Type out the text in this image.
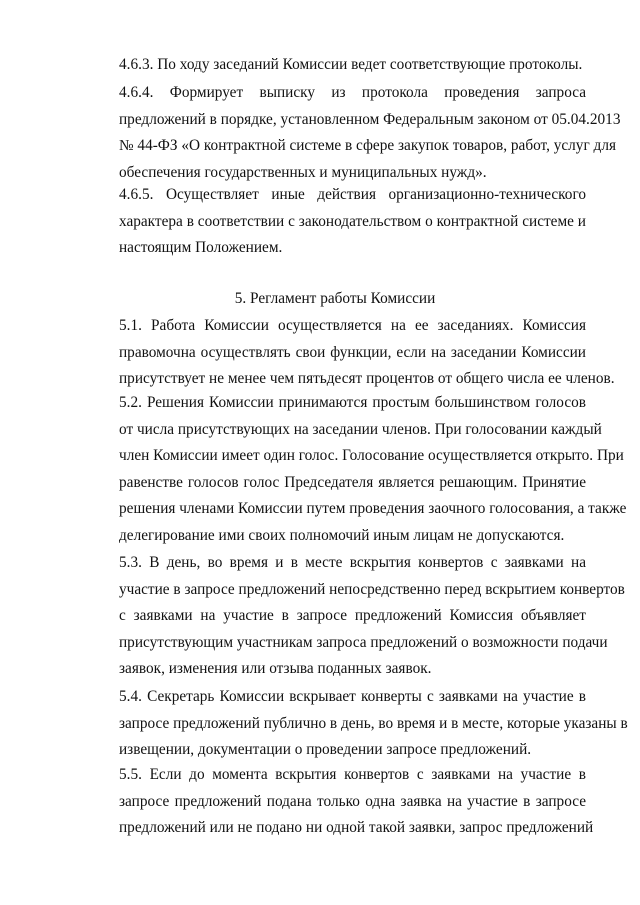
4.6.3. По ходу заседаний Комиссии ведет соответствующие протоколы.
4.6.4. Формирует выписку из протокола проведения запроса
предложений в порядке, установленном Федеральным законом от 05.04.2013
№ 44-ФЗ «О контрактной системе в сфере закупок товаров, работ, услуг для
обеспечения государственных и муниципальных нужд».
4.6.5. Осуществляет иные действия организационно-технического
характера в соответствии с законодательством о контрактной системе и
настоящим Положением.

5. Регламент работы Комиссии

5.1. Работа Комиссии осуществляется на ее заседаниях. Комиссия
правомочна осуществлять свои функции, если на заседании Комиссии
присутствует не менее чем пятьдесят процентов от общего числа ее членов.
5.2. Решения Комиссии принимаются простым большинством голосов
от числа присутствующих на заседании членов. При голосовании каждый
член Комиссии имеет один голос. Голосование осуществляется открыто. При
равенстве голосов голос Председателя является решающим. Принятие
решения членами Комиссии путем проведения заочного голосования, а также
делегирование ими своих полномочий иным лицам не допускаются.
5.3. В день, во время и в месте вскрытия конвертов с заявками на
участие в запросе предложений непосредственно перед вскрытием конвертов
с заявками на участие в запросе предложений Комиссия объявляет
присутствующим участникам запроса предложений о возможности подачи
заявок, изменения или отзыва поданных заявок.
5.4. Секретарь Комиссии вскрывает конверты с заявками на участие в
запросе предложений публично в день, во время и в месте, которые указаны в
извещении, документации о проведении запросе предложений.
5.5. Если до момента вскрытия конвертов с заявками на участие в
запросе предложений подана только одна заявка на участие в запросе
предложений или не подано ни одной такой заявки, запрос предложений
